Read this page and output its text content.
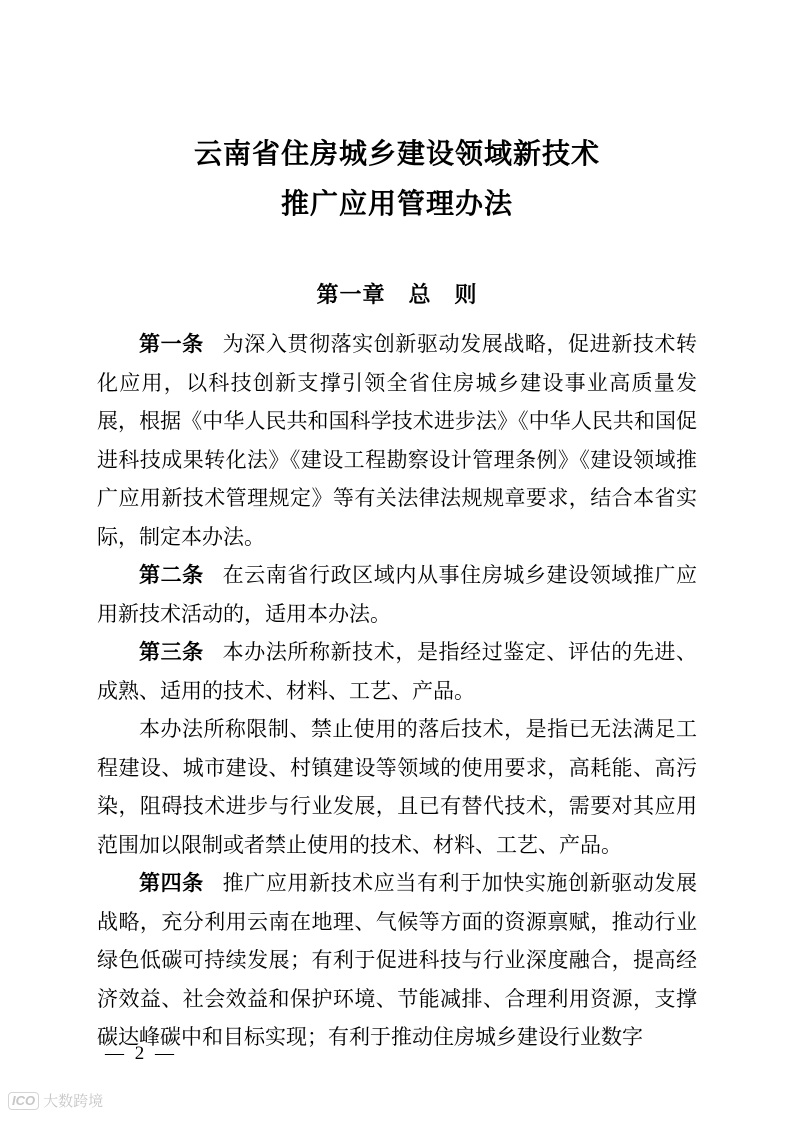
云南省住房城乡建设领域新技术
推广应用管理办法
第一章　总　则

第一条 为深入贯彻落实创新驱动发展战略，促进新技术转化应用，以科技创新支撑引领全省住房城乡建设事业高质量发展，根据《中华人民共和国科学技术进步法》《中华人民共和国促进科技成果转化法》《建设工程勘察设计管理条例》《建设领域推广应用新技术管理规定》等有关法律法规规章要求，结合本省实际，制定本办法。

第二条 在云南省行政区域内从事住房城乡建设领域推广应用新技术活动的，适用本办法。

第三条 本办法所称新技术，是指经过鉴定、评估的先进、成熟、适用的技术、材料、工艺、产品。

本办法所称限制、禁止使用的落后技术，是指已无法满足工程建设、城市建设、村镇建设等领域的使用要求，高耗能、高污染，阻碍技术进步与行业发展，且已有替代技术，需要对其应用范围加以限制或者禁止使用的技术、材料、工艺、产品。

第四条 推广应用新技术应当有利于加快实施创新驱动发展战略，充分利用云南在地理、气候等方面的资源禀赋，推动行业绿色低碳可持续发展；有利于促进科技与行业深度融合，提高经济效益、社会效益和保护环境、节能减排、合理利用资源，支撑碳达峰碳中和目标实现；有利于推动住房城乡建设行业数字

— 2 —
ICO 大数跨境
